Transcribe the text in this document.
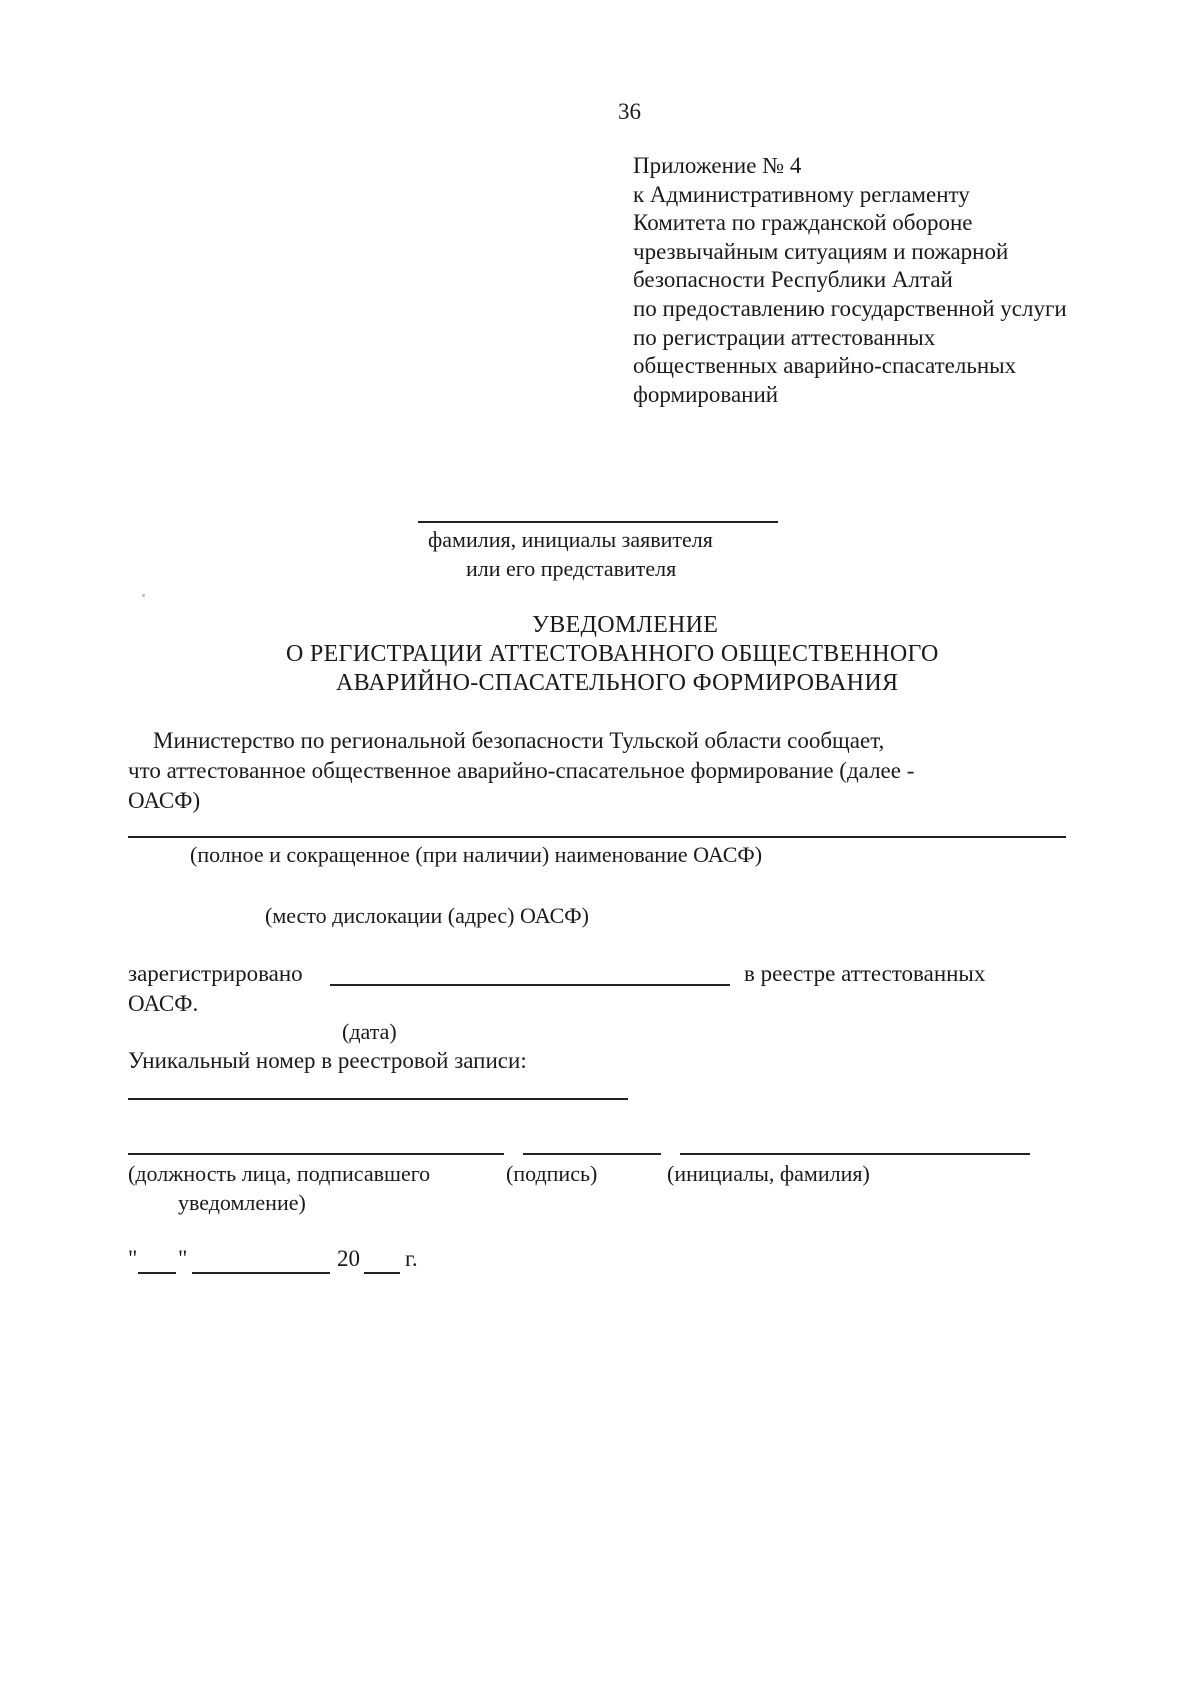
36
Приложение № 4
к Административному регламенту
Комитета по гражданской обороне
чрезвычайным ситуациям и пожарной
безопасности Республики Алтай
по предоставлению государственной услуги
по регистрации аттестованных
общественных аварийно-спасательных
формирований
фамилия, инициалы заявителя
или его представителя
УВЕДОМЛЕНИЕ
О РЕГИСТРАЦИИ АТТЕСТОВАННОГО ОБЩЕСТВЕННОГО
АВАРИЙНО-СПАСАТЕЛЬНОГО ФОРМИРОВАНИЯ
Министерство по региональной безопасности Тульской области сообщает,
что аттестованное общественное аварийно-спасательное формирование (далее -
ОАСФ)
(полное и сокращенное (при наличии) наименование ОАСФ)
(место дислокации (адрес) ОАСФ)
зарегистрировано	в реестре аттестованных
ОАСФ.
(дата)
Уникальный номер в реестровой записи:
(должность лица, подписавшего
уведомление)
(подпись)	(инициалы, фамилия)
" "	20 г.
